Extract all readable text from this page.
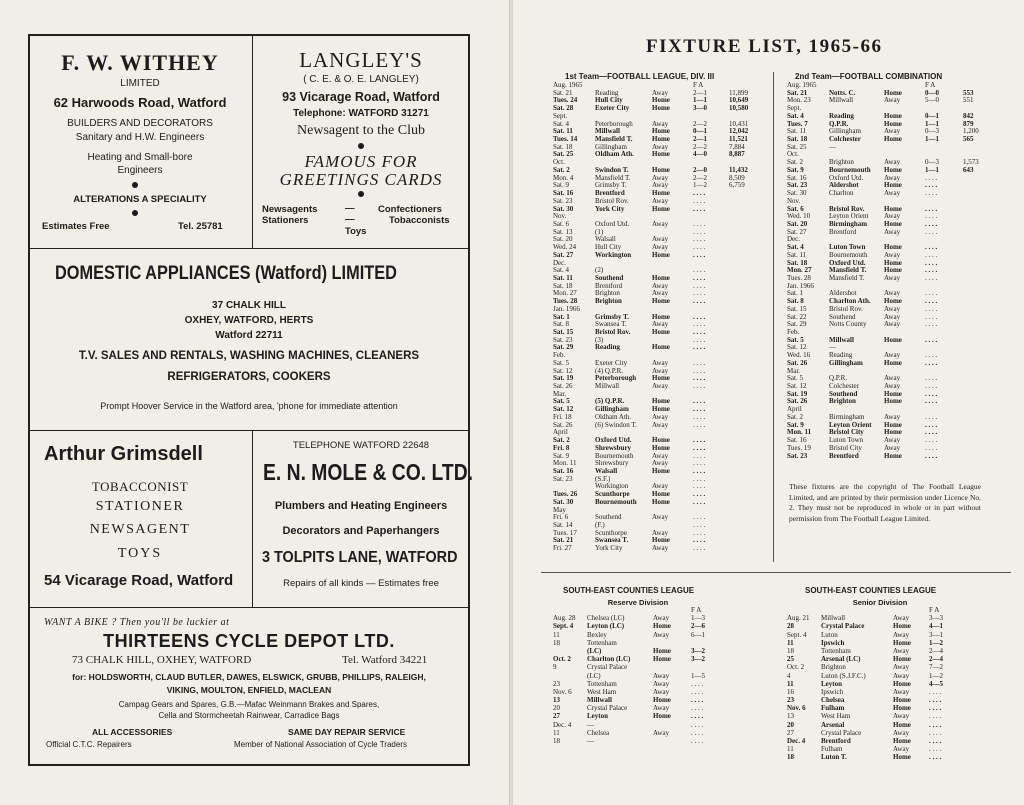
F. W. WITHEY
LIMITED
62 Harwoods Road, Watford
BUILDERS AND DECORATORS
Sanitary and H.W. Engineers
Heating and Small-bore
Engineers
ALTERATIONS A SPECIALITY
Estimates Free	Tel. 25781
LANGLEY'S
( C. E. & O. E. LANGLEY)
93 Vicarage Road, Watford
Telephone: WATFORD 31271
Newsagent to the Club
FAMOUS FOR
GREETINGS CARDS
Newsagents
Stationers
—
—
Confectioners
Tobacconists
Toys
DOMESTIC APPLIANCES (Watford) LIMITED
37 CHALK HILL
OXHEY, WATFORD, HERTS
Watford 22711
T.V. SALES AND RENTALS, WASHING MACHINES, CLEANERS
REFRIGERATORS, COOKERS
Prompt Hoover Service in the Watford area, 'phone for immediate attention
Arthur Grimsdell
TOBACCONIST
STATIONER
NEWSAGENT
TOYS
54 Vicarage Road, Watford
TELEPHONE WATFORD 22648
E. N. MOLE & CO. LTD.
Plumbers and Heating Engineers
Decorators and Paperhangers
3 TOLPITS LANE, WATFORD
Repairs of all kinds — Estimates free
WANT A BIKE ? Then you'll be luckier at
THIRTEENS CYCLE DEPOT LTD.
73 CHALK HILL, OXHEY, WATFORD	Tel. Watford 34221
for: HOLDSWORTH, CLAUD BUTLER, DAWES, ELSWICK, GRUBB, PHILLIPS, RALEIGH,
VIKING, MOULTON, ENFIELD, MACLEAN
Campag Gears and Spares, G.B.—Mafac Weinmann Brakes and Spares,
Cella and Stormcheetah Rainwear, Carradice Bags
ALL ACCESSORIES	SAME DAY REPAIR SERVICE
Official C.T.C. Repairers	Member of National Association of Cycle Traders
FIXTURE LIST, 1965-66
1st Team—FOOTBALL LEAGUE, DIV. III
Aug. 1965	F A
Sat. 21	Reading	Away	2—1	11,899
Tues. 24	Hull City	Home	1—1	10,649
Sat. 28	Exeter City	Home	3—0	10,580
Sept.
Sat. 4	Peterborough	Away	2—2	10,431
Sat. 11	Millwall	Home	0—1	12,042
Tues. 14	Mansfield T.	Home	2—1	11,521
Sat. 18	Gillingham	Away	2—2	7,884
Sat. 25	Oldham Ath.	Home	4—0	8,887
Oct.
Sat. 2	Swindon T.	Home	2—0	11,432
Mon. 4	Mansfield T.	Away	2—2	8,509
Sat. 9	Grimsby T.	Away	1—2	6,759
Sat. 16	Brentford	Home	. . . .
Sat. 23	Bristol Rov.	Away	. . . .
Sat. 30	York City	Home	. . . .
Nov.
Sat. 6	Oxford Utd.	Away	. . . .
Sat. 13	(1)	. . . .
Sat. 20	Walsall	Away	. . . .
Wed. 24	Hull City	Away	. . . .
Sat. 27	Workington	Home	. . . .
Dec.
Sat. 4	(2)	. . . .
Sat. 11	Southend	Home	. . . .
Sat. 18	Brentford	Away	. . . .
Mon. 27	Brighton	Away	. . . .
Tues. 28	Brighton	Home	. . . .
Jan. 1966
Sat. 1	Grimsby T.	Home	. . . .
Sat. 8	Swansea T.	Away	. . . .
Sat. 15	Bristol Rov.	Home	. . . .
Sat. 23	(3)	. . . .
Sat. 29	Reading	Home	. . . .
Feb.
Sat. 5	Exeter City	Away	. . . .
Sat. 12	(4) Q.P.R.	Away	. . . .
Sat. 19	Peterborough Home	. . . .
Sat. 26	Millwall	Away	. . . .
Mar.
Sat. 5	(5) Q.P.R.	Home	. . . .
Sat. 12	Gillingham	Home	. . . .
Fri. 18	Oldham Ath.	Away	. . . .
Sat. 26	(6) Swindon T. Away	. . . .
April
Sat. 2	Oxford Utd.	Home	. . . .
Fri. 8	Shrewsbury	Home	. . . .
Sat. 9	Bournemouth	Away	. . . .
Mon. 11	Shrewsbury	Away	. . . .
Sat. 16	Walsall	Home	. . . .
Sat. 23	(S.F.)	. . . .
Workington	Away	. . . .
Tues. 26	Scunthorpe	Home	. . . .
Sat. 30	Bournemouth Home	. . . .
May
Fri. 6	Southend	Away	. . . .
Sat. 14	(F.)	. . . .
Tues. 17	Scunthorpe	Away	. . . .
Sat. 21	Swansea T.	Home	. . . .
Fri. 27	York City	Away	. . . .
2nd Team—FOOTBALL COMBINATION
Aug. 1965	F A
Sat. 21	Notts. C.	Home	0—0	553
Mon. 23	Millwall	Away	5—0	551
Sept.
Sat. 4	Reading	Home	0—1	842
Tues. 7	Q.P.R.	Home	1—1	879
Sat. 11	Gillingham	Away	0—3	1,200
Sat. 18	Colchester	Home	1—1	565
Sat. 25	—
Oct.
Sat. 2	Brighton	Away	0—3	1,573
Sat. 9	Bournemouth Home	1—1	643
Sat. 16	Oxford Utd.	Away	. . . .
Sat. 23	Aldershot	Home	. . . .
Sat. 30	Charlton	Away	. . . .
Nov.
Sat. 6	Bristol Rov.	Home	. . . .
Wed. 10	Leyton Orient Away	. . . .
Sat. 20	Birmingham Home	. . . .
Sat. 27	Brentford	Away	. . . .
Dec.
Sat. 4	Luton Town	Home	. . . .
Sat. 11	Bournemouth Away	. . . .
Sat. 18	Oxford Utd.	Home	. . . .
Mon. 27	Mansfield T.	Home	. . . .
Tues. 28	Mansfield T.	Away	. . . .
Jan. 1966
Sat. 1	Aldershot	Away	. . . .
Sat. 8	Charlton Ath. Home	. . . .
Sat. 15	Bristol Rov.	Away	. . . .
Sat. 22	Southend	Away	. . . .
Sat. 29	Notts County Away	. . . .
Feb.
Sat. 5	Millwall	Home	. . . .
Sat. 12	—
Wed. 16	Reading	Away	. . . .
Sat. 26	Gillingham	Home	. . . .
Mar.
Sat. 5	Q.P.R.	Away	. . . .
Sat. 12	Colchester	Away	. . . .
Sat. 19	Southend	Home	. . . .
Sat. 26	Brighton	Home	. . . .
April
Sat. 2	Birmingham	Away	. . . .
Sat. 9	Leyton Orient Home	. . . .
Mon. 11	Bristol City	Home	. . . .
Sat. 16	Luton Town	Away	. . . .
Tues. 19	Bristol City	Away	. . . .
Sat. 23	Brentford	Home	. . . .
These fixtures are the copyright of The Football League Limited, and are printed by their permission under Licence No. 2. They must not be reproduced in whole or in part without permission from The Football League Limited.
SOUTH-EAST COUNTIES LEAGUE
Reserve Division
F A
Aug. 28 Chelsea (LC)	Away	1—3
Sept. 4 Leyton (LC)	Home	2—6
11	Bexley	Away	6—1
18	Tottenham
(LC)	Home	3—2
Oct. 2 Charlton (LC)	Home	3—2
9	Crystal Palace
(LC)	Away	1—5
23	Tottenham	Away	. . . .
Nov. 6 West Ham	Away	. . . .
13	Millwall	Home	. . . .
20	Crystal Palace	Away	. . . .
27	Leyton	Home	. . . .
Dec. 4 —	. . . .
11	Chelsea	Away	. . . .
18	—	. . . .
SOUTH-EAST COUNTIES LEAGUE
Senior Division
F A
Aug. 21 Millwall	Away	3—3
28	Crystal Palace	Home	4—1
Sept. 4 Luton	Away	3—1
11	Ipswich	Home	1—2
18	Tottenham	Away	2—4
25	Arsenal (LC)	Home	2—4
Oct. 2 Brighton	Away	7—2
4	Luton (S.J.F.C.)	Away	1—2
11	Leyton	Home	4—5
16	Ipswich	Away	. . . .
23	Chelsea	Home	. . . .
Nov. 6 Fulham	Home	. . . .
13	West Ham	Away	. . . .
20	Arsenal	Home	. . . .
27	Crystal Palace	Away	. . . .
Dec. 4 Brentford	Home	. . . .
11	Fulham	Away	. . . .
18	Luton T.	Home	. . . .
